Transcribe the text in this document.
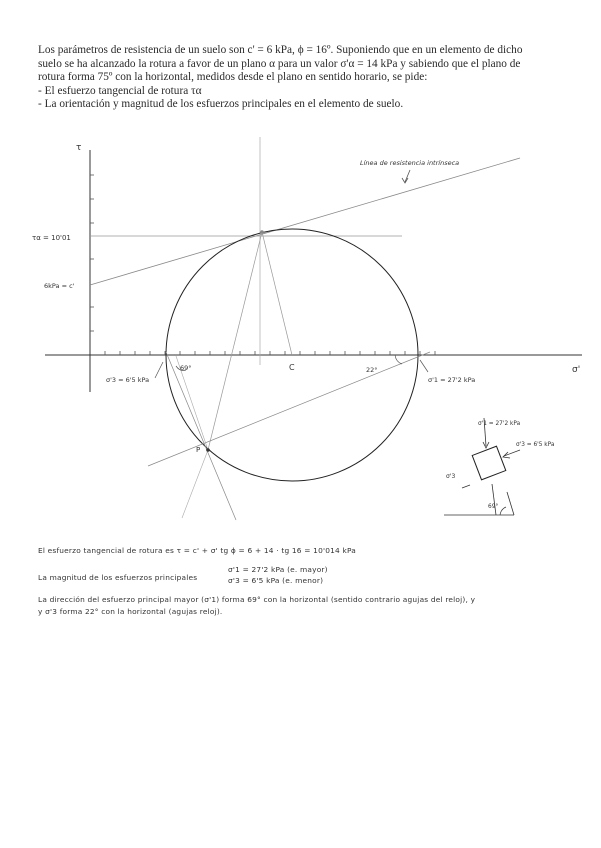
Los parámetros de resistencia de un suelo son c' = 6 kPa, ϕ = 16º. Suponiendo que en un elemento de dicho

suelo se ha alcanzado la rotura a favor de un plano α para un valor σ'α = 14 kPa y sabiendo que el plano de

rotura forma 75º con la horizontal, medidos desde el plano en sentido horario, se pide:

- El esfuerzo tangencial de rotura τα

- La orientación y magnitud de los esfuerzos principales en el elemento de suelo.

τ
σ'
Línea de resistencia intrínseca
τα = 10'01
6kPa = c'
C
P
69°	22°
σ'3 = 6'5 kPa	σ'1 = 27'2 kPa
σ'1 = 27'2 kPa
σ'3 = 6'5 kPa
σ'3
69°
El esfuerzo tangencial de rotura es τ = c' + σ' tg ϕ = 6 + 14 · tg 16 = 10'014 kPa
La magnitud de los esfuerzos principales
σ'1 = 27'2 kPa (e. mayor)
σ'3 = 6'5 kPa (e. menor)
La dirección del esfuerzo principal mayor (σ'1) forma 69° con la horizontal (sentido contrario agujas del reloj), y
y σ'3 forma 22° con la horizontal (agujas reloj).
